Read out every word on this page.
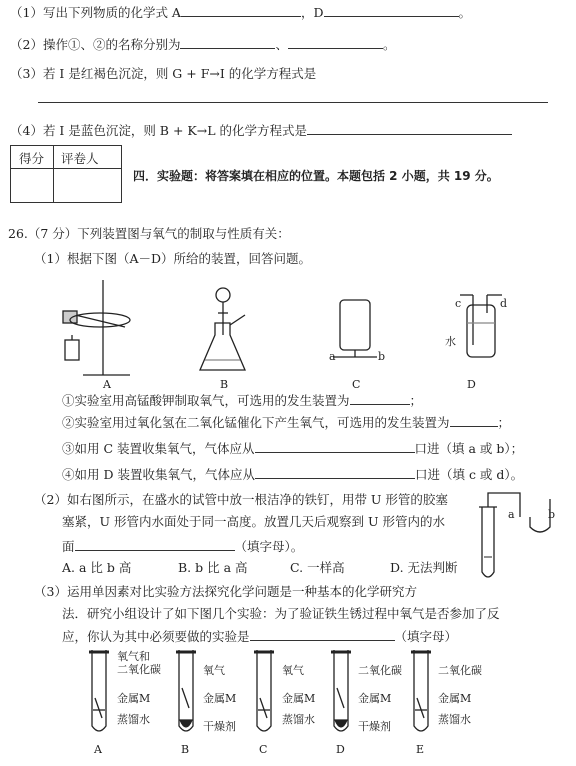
（1）写出下列物质的化学式 A	，D	。
（2）操作①、②的名称分别为	、	。
（3）若 I 是红褐色沉淀，则 G + F→I 的化学方程式是
（4）若 I 是蓝色沉淀，则 B + K→L 的化学方程式是
得分 评卷人
四．实验题：将答案填在相应的位置。本题包括 2 小题，共 19 分。
26.（7 分）下列装置图与氧气的制取与性质有关：
（1）根据下图（A－D）所给的装置，回答问题。
a	b
c	d
水
A	B	C	D
①实验室用高锰酸钾制取氧气，可选用的发生装置为	；
②实验室用过氧化氢在二氧化锰催化下产生氧气，可选用的发生装置为	；
③如用 C 装置收集氧气，气体应从	口进（填 a 或 b）；
④如用 D 装置收集氧气，气体应从	口进（填 c 或 d）。
（2）如右图所示，在盛水的试管中放一根洁净的铁钉，用带 U 形管的胶塞
塞紧，U 形管内水面处于同一高度。放置几天后观察到 U 形管内的水
面	（填字母）。
a	b
A. a 比 b 高	B. b 比 a 高	C. 一样高	D. 无法判断
（3）运用单因素对比实验方法探究化学问题是一种基本的化学研究方
法．研究小组设计了如下图几个实验：为了验证铁生锈过程中氧气是否参加了反
应，你认为其中必须要做的实验是	（填字母）
氧气和
二氧化碳
金属M
蒸馏水
A
氧气
金属M
干燥剂
B
氧气
金属M
蒸馏水
C
二氧化碳
金属M
干燥剂
D
二氧化碳
金属M
蒸馏水
E
